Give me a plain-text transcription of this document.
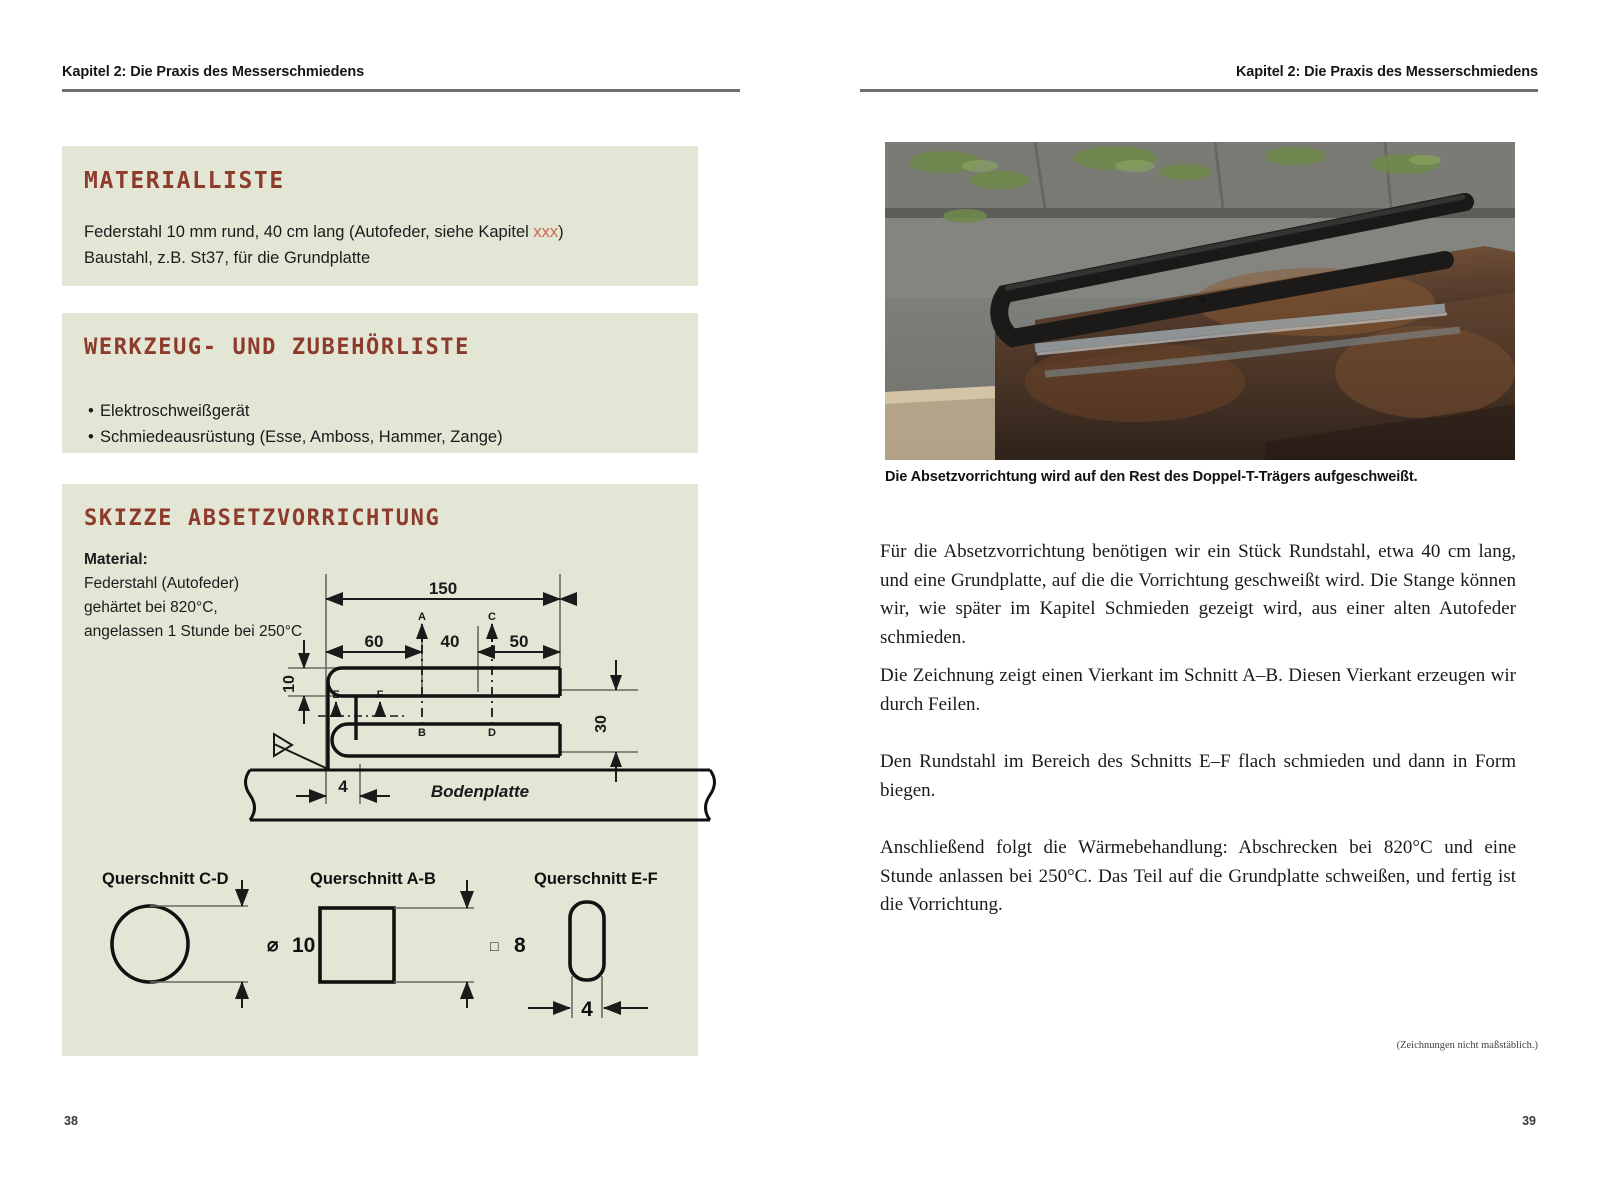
Kapitel 2: Die Praxis des Messerschmiedens	Kapitel 2: Die Praxis des Messerschmiedens
MATERIALLISTE
Federstahl 10 mm rund, 40 cm lang (Autofeder, siehe Kapitel xxx)
Baustahl, z.B. St37, für die Grundplatte
WERKZEUG- UND ZUBEHÖRLISTE
• Elektroschweißgerät
• Schmiedeausrüstung (Esse, Amboss, Hammer, Zange)
SKIZZE ABSETZVORRICHTUNG
Material:
Federstahl (Autofeder)
gehärtet bei 820°C,
angelassen 1 Stunde bei 250°C
150
60	40	50
A	C
B	D
E	F
10
30
Bodenplatte
4
Querschnitt C-D
⌀ 10
Querschnitt A-B
□ 8
Querschnitt E-F
4
Die Absetzvorrichtung wird auf den Rest des Doppel-T-Trägers aufgeschweißt.
Für die Absetzvorrichtung benötigen wir ein Stück Rundstahl, etwa 40 cm lang, und eine Grundplatte, auf die die Vorrichtung geschweißt wird. Die Stange können wir, wie später im Kapitel Schmieden gezeigt wird, aus einer alten Autofeder schmieden.
Die Zeichnung zeigt einen Vierkant im Schnitt A–B. Diesen Vierkant erzeugen wir durch Feilen.
Den Rundstahl im Bereich des Schnitts E–F flach schmieden und dann in Form biegen.
Anschließend folgt die Wärmebehandlung: Abschrecken bei 820°C und eine Stunde anlassen bei 250°C. Das Teil auf die Grundplatte schweißen, und fertig ist die Vorrichtung.
(Zeichnungen nicht maßstäblich.)
38	39
